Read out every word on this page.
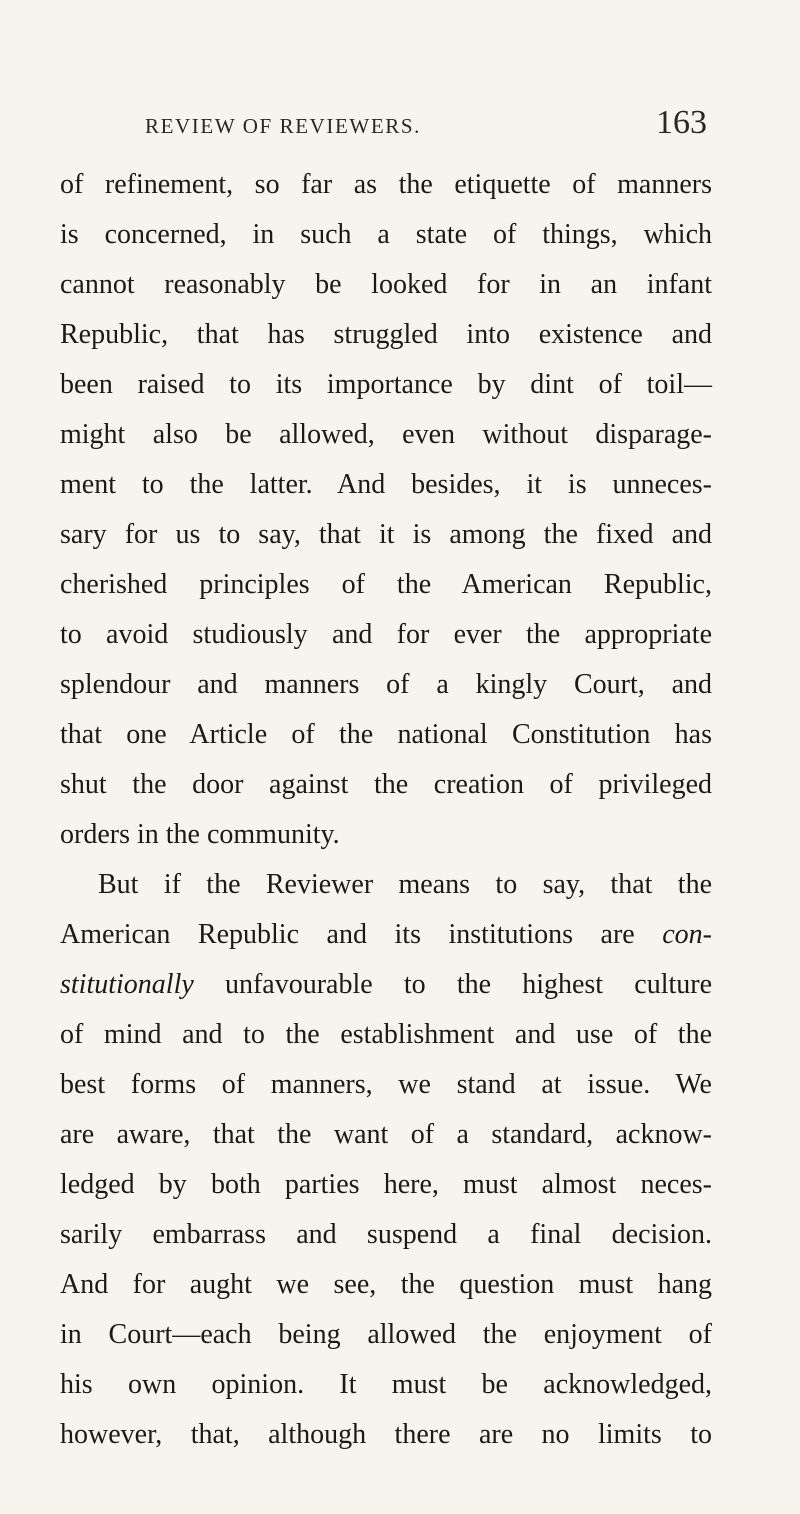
REVIEW OF REVIEWERS.	163
of refinement, so far as the etiquette of manners
is concerned, in such a state of things, which
cannot reasonably be looked for in an infant
Republic, that has struggled into existence and
been raised to its importance by dint of toil—
might also be allowed, even without disparage-
ment to the latter. And besides, it is unneces-
sary for us to say, that it is among the fixed and
cherished principles of the American Republic,
to avoid studiously and for ever the appropriate
splendour and manners of a kingly Court, and
that one Article of the national Constitution has
shut the door against the creation of privileged
orders in the community.
But if the Reviewer means to say, that the
American Republic and its institutions are con-
stitutionally unfavourable to the highest culture
of mind and to the establishment and use of the
best forms of manners, we stand at issue. We
are aware, that the want of a standard, acknow-
ledged by both parties here, must almost neces-
sarily embarrass and suspend a final decision.
And for aught we see, the question must hang
in Court—each being allowed the enjoyment of
his own opinion. It must be acknowledged,
however, that, although there are no limits to
